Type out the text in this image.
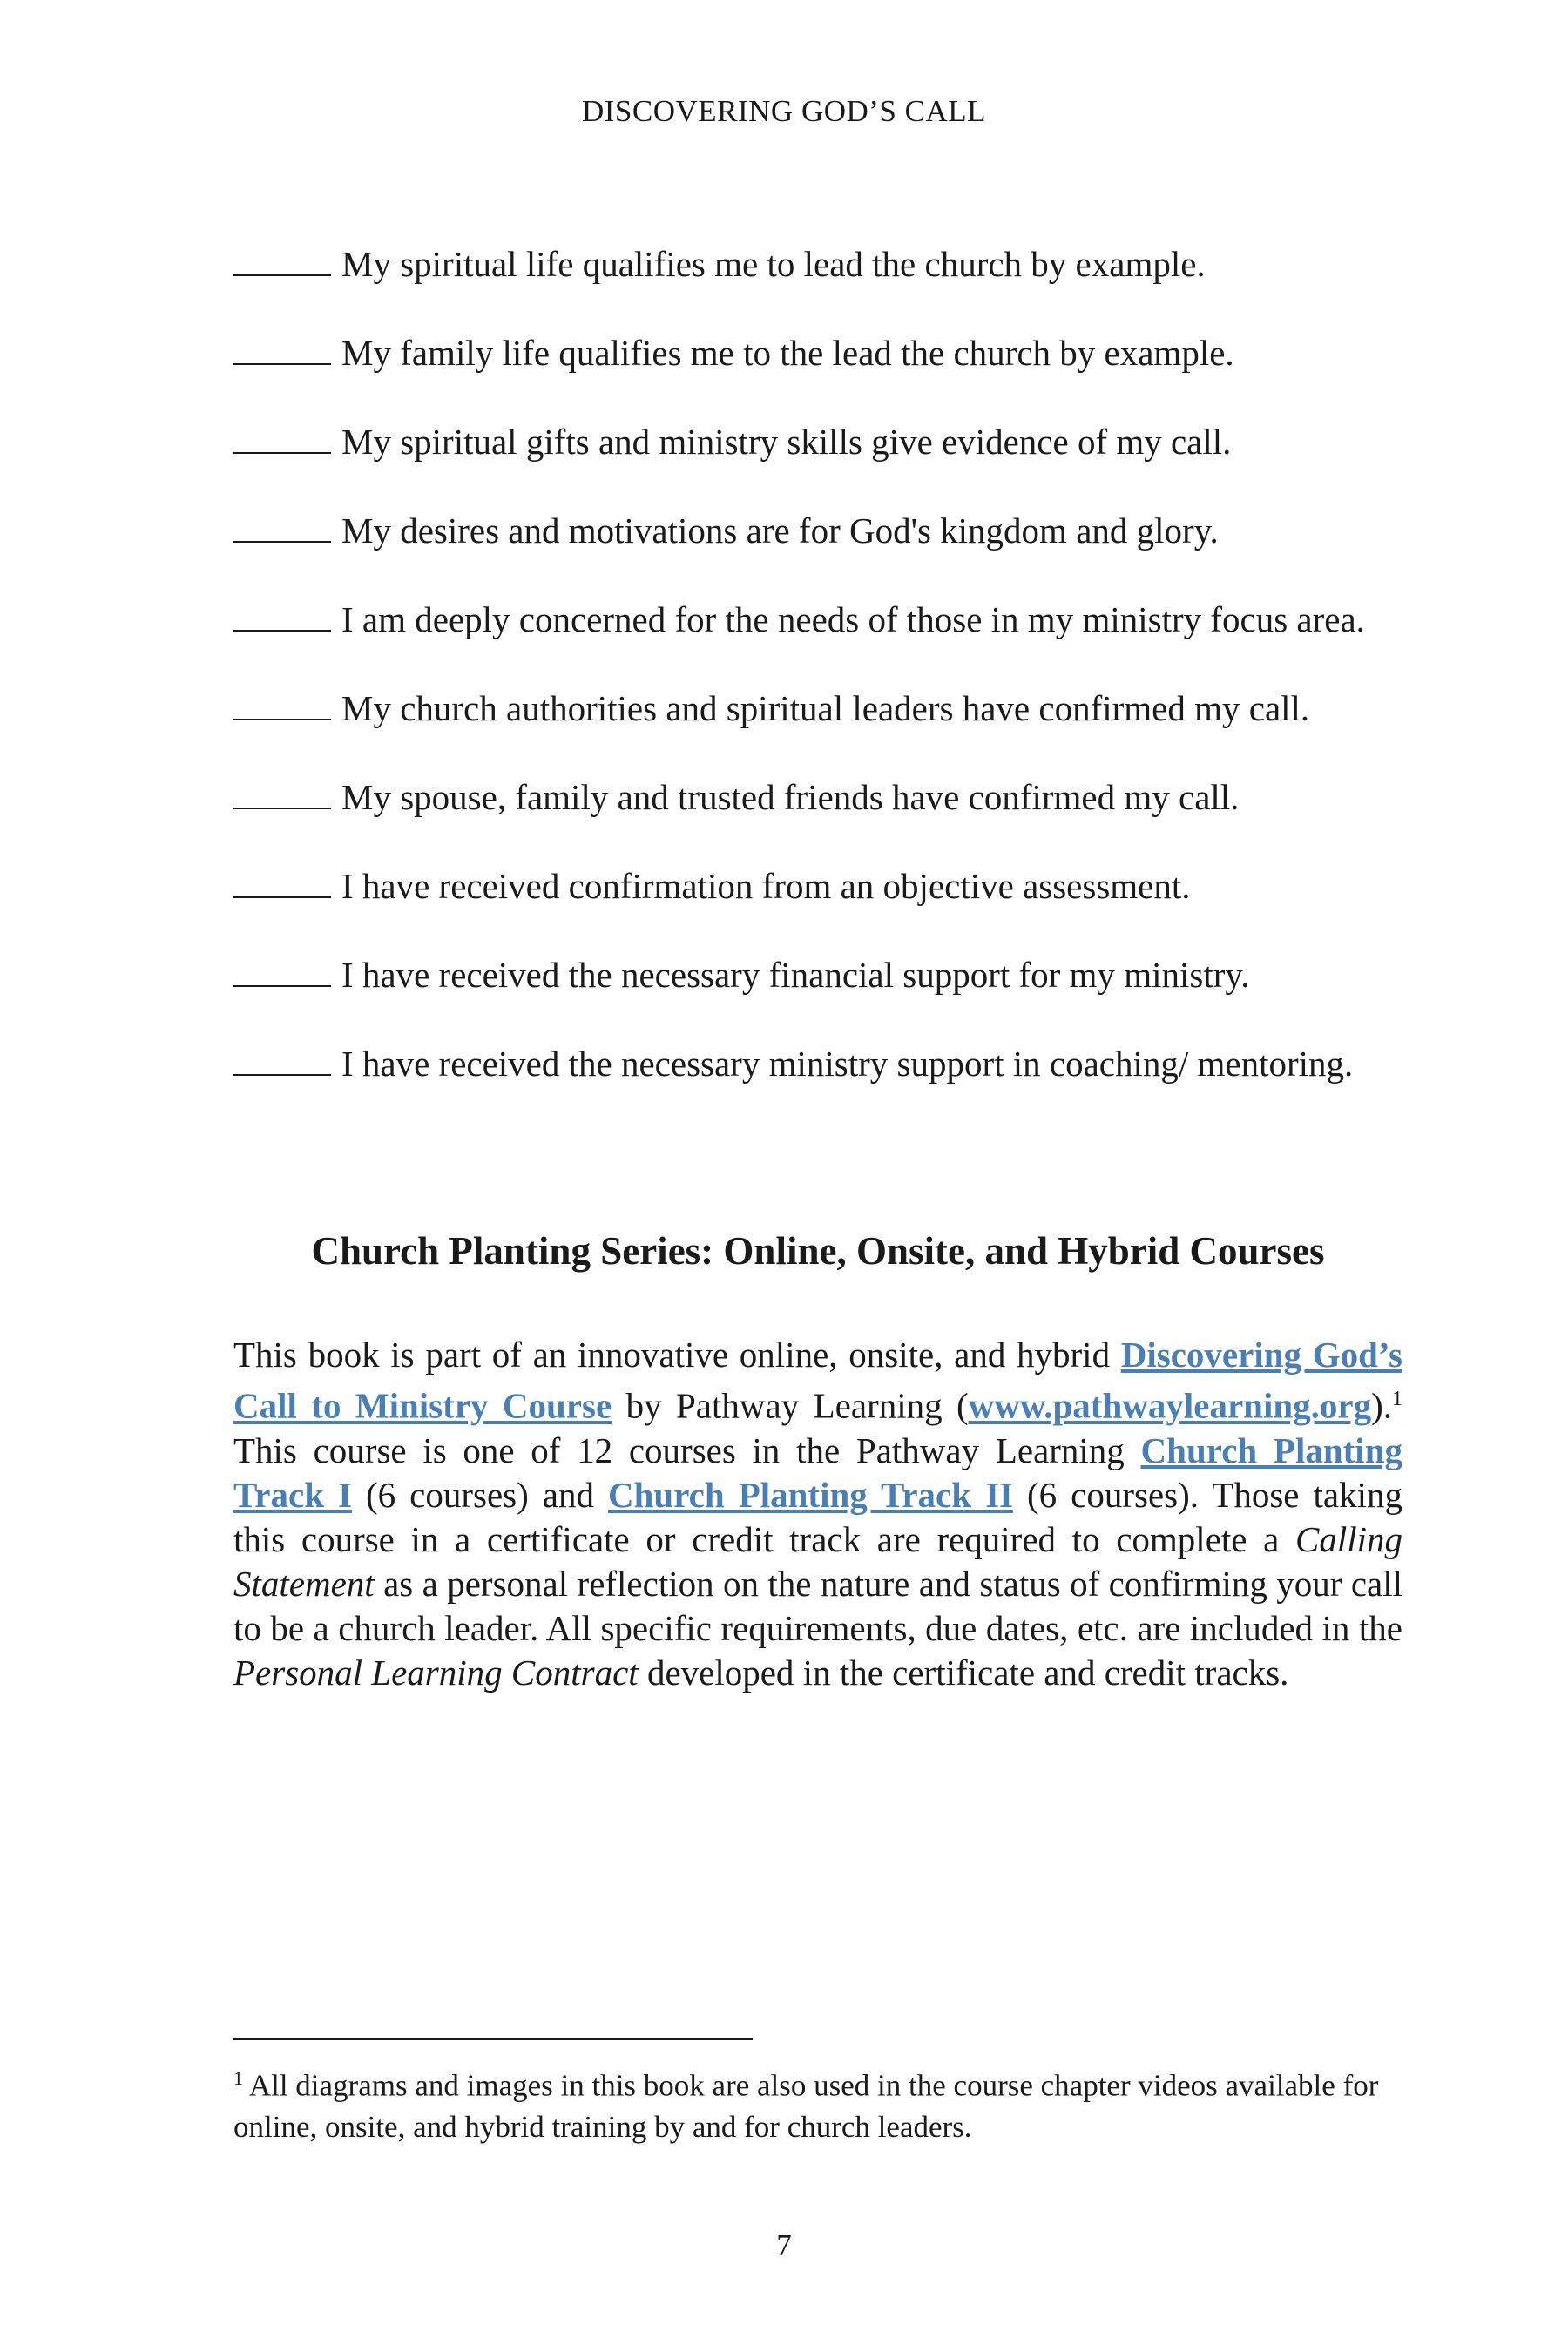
DISCOVERING GOD’S CALL
My spiritual life qualifies me to lead the church by example.
My family life qualifies me to the lead the church by example.
My spiritual gifts and ministry skills give evidence of my call.
My desires and motivations are for God's kingdom and glory.
I am deeply concerned for the needs of those in my ministry focus area.
My church authorities and spiritual leaders have confirmed my call.
My spouse, family and trusted friends have confirmed my call.
I have received confirmation from an objective assessment.
I have received the necessary financial support for my ministry.
I have received the necessary ministry support in coaching/ mentoring.
Church Planting Series: Online, Onsite, and Hybrid Courses
This book is part of an innovative online, onsite, and hybrid Discovering God’s Call to Ministry Course by Pathway Learning (www.pathwaylearning.org).$^1$ This course is one of 12 courses in the Pathway Learning Church Planting Track I (6 courses) and Church Planting Track II (6 courses). Those taking this course in a certificate or credit track are required to complete a Calling Statement as a personal reflection on the nature and status of confirming your call to be a church leader. All specific requirements, due dates, etc. are included in the Personal Learning Contract developed in the certificate and credit tracks.
$^1$ All diagrams and images in this book are also used in the course chapter videos available for online, onsite, and hybrid training by and for church leaders.
7
